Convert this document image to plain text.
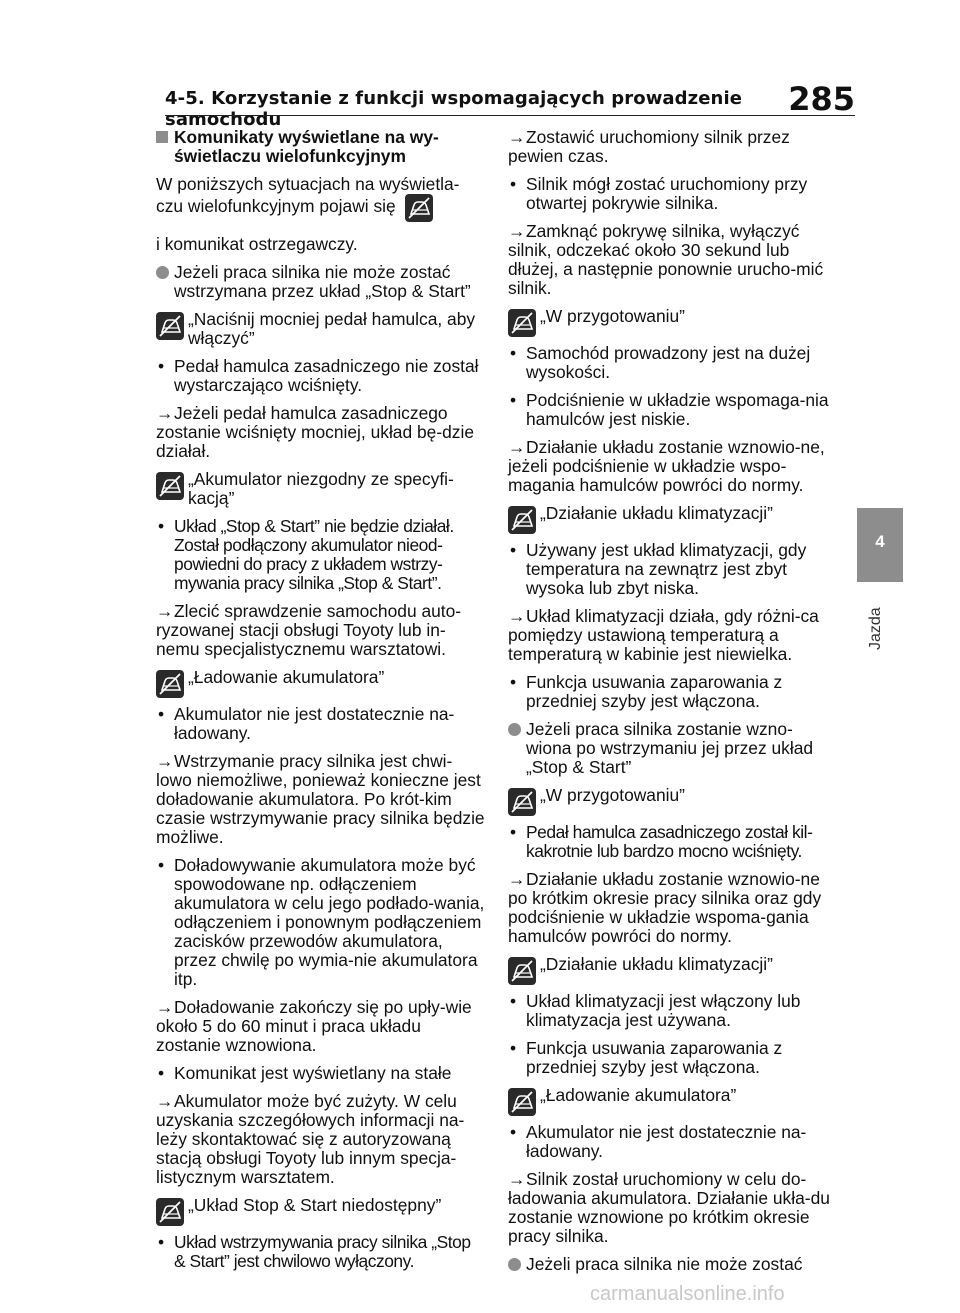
4-5. Korzystanie z funkcji wspomagających prowadzenie samochodu
285
4
Jazda
Komunikaty wyświetlane na wy-świetlaczu wielofunkcyjnym
W poniższych sytuacjach na wyświetla-czu wielofunkcyjnym pojawi się
i komunikat ostrzegawczy.
Jeżeli praca silnika nie może zostać wstrzymana przez układ „Stop & Start”
„Naciśnij mocniej pedał hamulca, aby włączyć”
• Pedał hamulca zasadniczego nie został wystarczająco wciśnięty.
→Jeżeli pedał hamulca zasadniczego zostanie wciśnięty mocniej, układ bę-dzie działał.
„Akumulator niezgodny ze specyfi-kacją”
• Układ „Stop & Start” nie będzie działał. Został podłączony akumulator nieod-powiedni do pracy z układem wstrzy-mywania pracy silnika „Stop & Start”.
→Zlecić sprawdzenie samochodu auto-ryzowanej stacji obsługi Toyoty lub in-nemu specjalistycznemu warsztatowi.
„Ładowanie akumulatora”
• Akumulator nie jest dostatecznie na-ładowany.
→Wstrzymanie pracy silnika jest chwi-lowo niemożliwe, ponieważ konieczne jest doładowanie akumulatora. Po krót-kim czasie wstrzymywanie pracy silnika będzie możliwe.
• Doładowywanie akumulatora może być spowodowane np. odłączeniem akumulatora w celu jego podłado-wania, odłączeniem i ponownym podłączeniem zacisków przewodów akumulatora, przez chwilę po wymia-nie akumulatora itp.
→Doładowanie zakończy się po upły-wie około 5 do 60 minut i praca układu zostanie wznowiona.
• Komunikat jest wyświetlany na stałe
→Akumulator może być zużyty. W celu uzyskania szczegółowych informacji na-leży skontaktować się z autoryzowaną stacją obsługi Toyoty lub innym specja-listycznym warsztatem.
„Układ Stop & Start niedostępny”
• Układ wstrzymywania pracy silnika „Stop & Start” jest chwilowo wyłączony.
→Zostawić uruchomiony silnik przez pewien czas.
• Silnik mógł zostać uruchomiony przy otwartej pokrywie silnika.
→Zamknąć pokrywę silnika, wyłączyć silnik, odczekać około 30 sekund lub dłużej, a następnie ponownie urucho-mić silnik.
„W przygotowaniu”
• Samochód prowadzony jest na dużej wysokości.
• Podciśnienie w układzie wspomaga-nia hamulców jest niskie.
→Działanie układu zostanie wznowio-ne, jeżeli podciśnienie w układzie wspo-magania hamulców powróci do normy.
„Działanie układu klimatyzacji”
• Używany jest układ klimatyzacji, gdy temperatura na zewnątrz jest zbyt wysoka lub zbyt niska.
→Układ klimatyzacji działa, gdy różni-ca pomiędzy ustawioną temperaturą a temperaturą w kabinie jest niewielka.
• Funkcja usuwania zaparowania z przedniej szyby jest włączona.
Jeżeli praca silnika zostanie wzno-wiona po wstrzymaniu jej przez układ „Stop & Start”
„W przygotowaniu”
• Pedał hamulca zasadniczego został kil-kakrotnie lub bardzo mocno wciśnięty.
→Działanie układu zostanie wznowio-ne po krótkim okresie pracy silnika oraz gdy podciśnienie w układzie wspoma-gania hamulców powróci do normy.
„Działanie układu klimatyzacji”
• Układ klimatyzacji jest włączony lub klimatyzacja jest używana.
• Funkcja usuwania zaparowania z przedniej szyby jest włączona.
„Ładowanie akumulatora”
• Akumulator nie jest dostatecznie na-ładowany.
→Silnik został uruchomiony w celu do-ładowania akumulatora. Działanie ukła-du zostanie wznowione po krótkim okresie pracy silnika.
Jeżeli praca silnika nie może zostać
carmanualsonline.info
